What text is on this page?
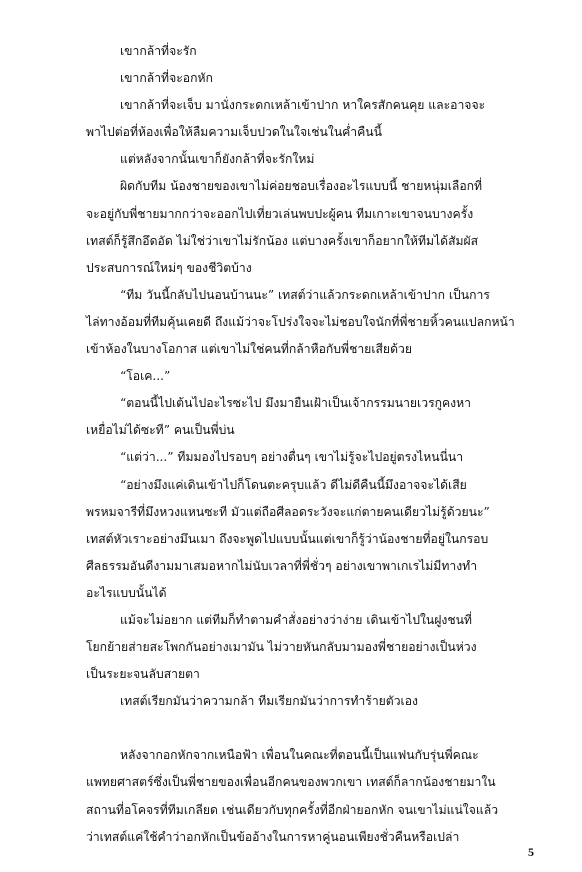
เขากล้าที่จะรัก

เขากล้าที่จะอกหัก

เขากล้าที่จะเจ็บ มานั่งกระดกเหล้าเข้าปาก หาใครสักคนคุย และอาจจะ
พาไปต่อที่ห้องเพื่อให้ลืมความเจ็บปวดในใจเช่นในค่ำคืนนี้

แต่หลังจากนั้นเขาก็ยังกล้าที่จะรักใหม่

ผิดกับทีม น้องชายของเขาไม่ค่อยชอบเรื่องอะไรแบบนี้ ชายหนุ่มเลือกที่
จะอยู่กับพี่ชายมากกว่าจะออกไปเที่ยวเล่นพบปะผู้คน ทีมเกาะเขาจนบางครั้ง
เทสต์ก็รู้สึกอึดอัด ไม่ใช่ว่าเขาไม่รักน้อง แต่บางครั้งเขาก็อยากให้ทีมได้สัมผัส
ประสบการณ์ใหม่ๆ ของชีวิตบ้าง

“ทีม วันนี้กลับไปนอนบ้านนะ” เทสต์ว่าแล้วกระดกเหล้าเข้าปาก เป็นการ
ไล่ทางอ้อมที่ทีมคุ้นเคยดี ถึงแม้ว่าจะโปร่งใจจะไม่ชอบใจนักที่พี่ชายหิ้วคนแปลกหน้า
เข้าห้องในบางโอกาส แต่เขาไม่ใช่คนที่กล้าหือกับพี่ชายเสียด้วย

“โอเค...”

“ตอนนี้ไปเต้นไปอะไรซะไป มึงมายืนเฝ้าเป็นเจ้ากรรมนายเวรกูคงหา
เหยื่อไม่ได้ซะที” คนเป็นพี่บ่น

“แต่ว่า...” ทีมมองไปรอบๆ อย่างตื่นๆ เขาไม่รู้จะไปอยู่ตรงไหนนี่นา

“อย่างมึงแค่เดินเข้าไปก็โดนตะครุบแล้ว ดีไม่ดีคืนนี้มึงอาจจะได้เสีย
พรหมจารีที่มึงหวงแหนซะที มัวแต่ถือศีลอดระวังจะแก่ตายคนเดียวไม่รู้ด้วยนะ”
เทสต์หัวเราะอย่างมึนเมา ถึงจะพูดไปแบบนั้นแต่เขาก็รู้ว่าน้องชายที่อยู่ในกรอบ
ศีลธรรมอันดีงามมาเสมอหากไม่นับเวลาที่พี่ชั่วๆ อย่างเขาพาเกเรไม่มีทางทำ
อะไรแบบนั้นได้

แม้จะไม่อยาก แต่ทีมก็ทำตามคำสั่งอย่างว่าง่าย เดินเข้าไปในฝูงชนที่
โยกย้ายส่ายสะโพกกันอย่างเมามัน ไม่วายหันกลับมามองพี่ชายอย่างเป็นห่วง
เป็นระยะจนลับสายตา

เทสต์เรียกมันว่าความกล้า ทีมเรียกมันว่าการทำร้ายตัวเอง

หลังจากอกหักจากเหนือฟ้า เพื่อนในคณะที่ตอนนี้เป็นแฟนกับรุ่นพี่คณะ
แพทยศาสตร์ซึ่งเป็นพี่ชายของเพื่อนอีกคนของพวกเขา เทสต์ก็ลากน้องชายมาใน
สถานที่อโคจรที่ทีมเกลียด เช่นเดียวกับทุกครั้งที่อีกฝ่ายอกหัก จนเขาไม่แน่ใจแล้ว
ว่าเทสต์แค่ใช้คำว่าอกหักเป็นข้ออ้างในการหาคู่นอนเพียงชั่วคืนหรือเปล่า

5
